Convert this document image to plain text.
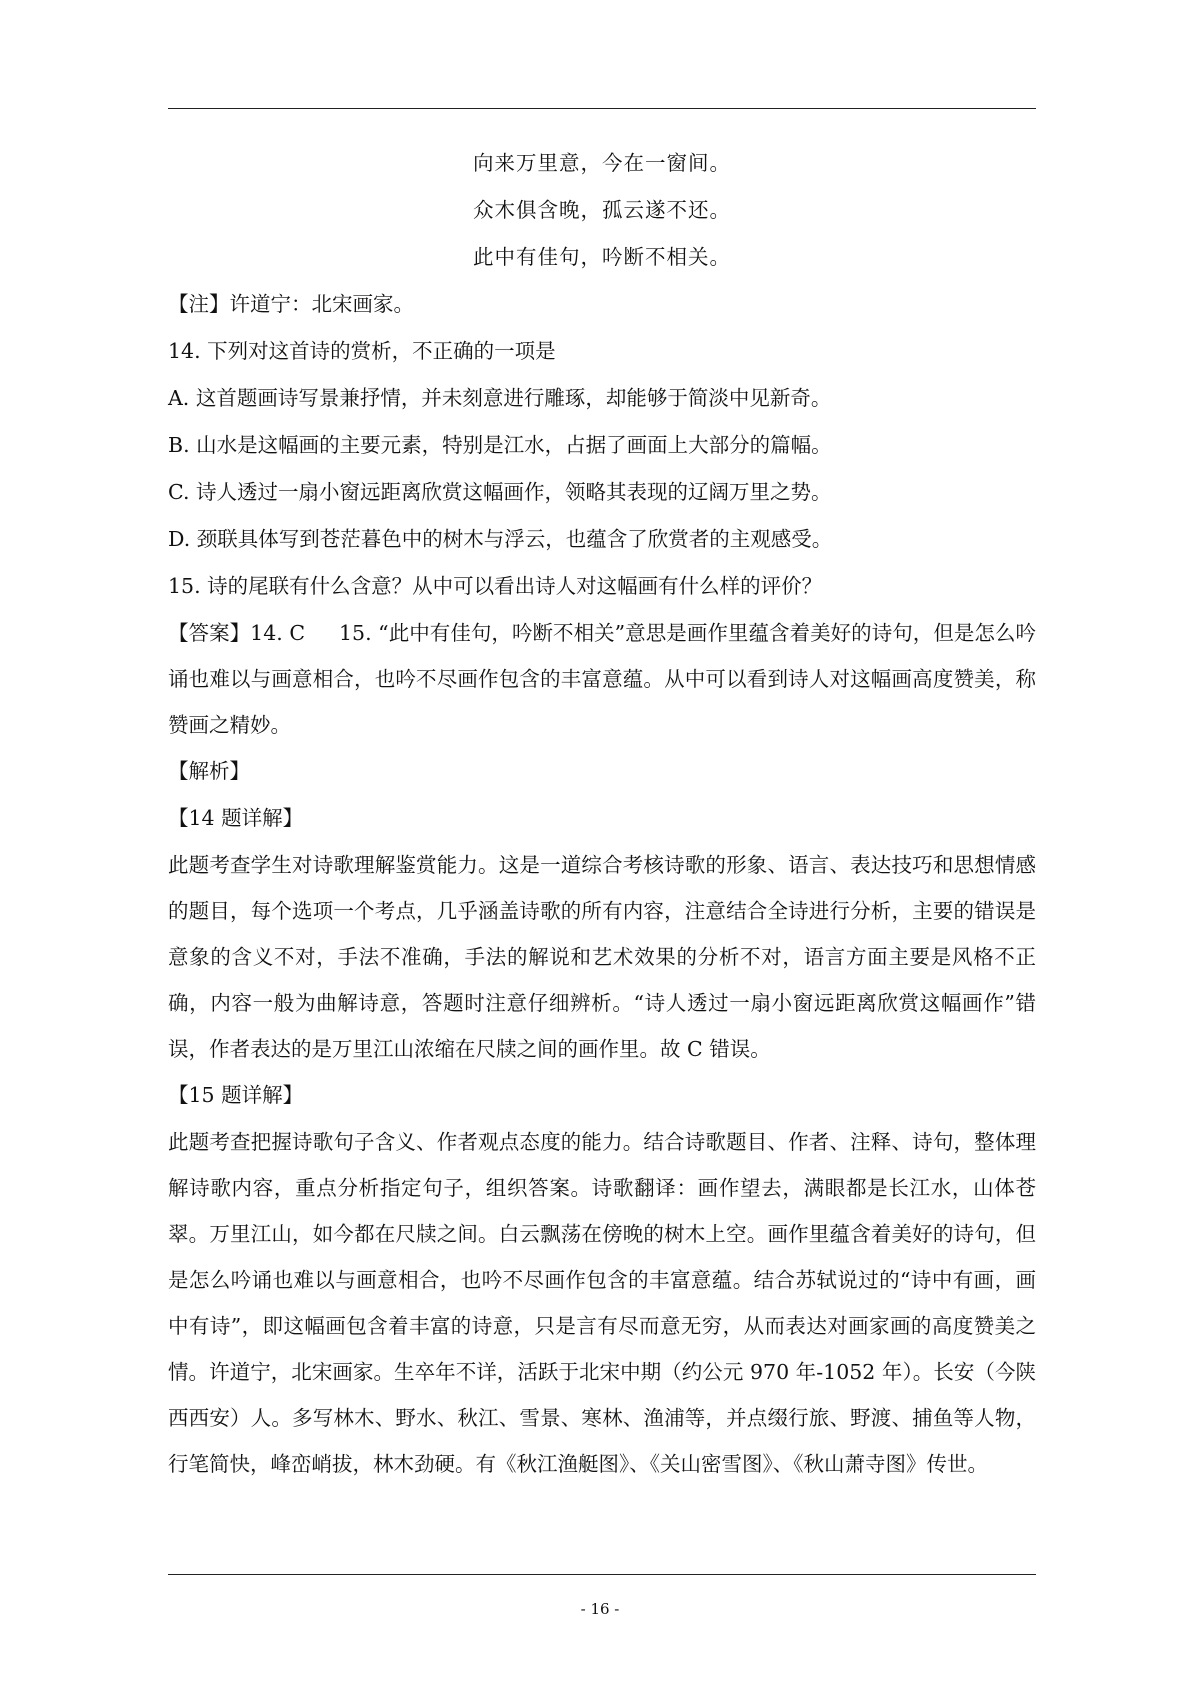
向来万里意，今在一窗间。
众木俱含晚，孤云遂不还。
此中有佳句，吟断不相关。

【注】许道宁：北宋画家。

14. 下列对这首诗的赏析，不正确的一项是

A. 这首题画诗写景兼抒情，并未刻意进行雕琢，却能够于简淡中见新奇。

B. 山水是这幅画的主要元素，特别是江水，占据了画面上大部分的篇幅。

C. 诗人透过一扇小窗远距离欣赏这幅画作，领略其表现的辽阔万里之势。

D. 颈联具体写到苍茫暮色中的树木与浮云，也蕴含了欣赏者的主观感受。

15. 诗的尾联有什么含意？从中可以看出诗人对这幅画有什么样的评价？

【答案】14. C 15. “此中有佳句，吟断不相关”意思是画作里蕴含着美好的诗句，但是怎么吟诵也难以与画意相合，也吟不尽画作包含的丰富意蕴。从中可以看到诗人对这幅画高度赞美，称赞画之精妙。

【解析】

【14 题详解】

此题考查学生对诗歌理解鉴赏能力。这是一道综合考核诗歌的形象、语言、表达技巧和思想情感的题目，每个选项一个考点，几乎涵盖诗歌的所有内容，注意结合全诗进行分析，主要的错误是意象的含义不对，手法不准确，手法的解说和艺术效果的分析不对，语言方面主要是风格不正确，内容一般为曲解诗意，答题时注意仔细辨析。“诗人透过一扇小窗远距离欣赏这幅画作”错误，作者表达的是万里江山浓缩在尺牍之间的画作里。故 C 错误。

【15 题详解】

此题考查把握诗歌句子含义、作者观点态度的能力。结合诗歌题目、作者、注释、诗句，整体理解诗歌内容，重点分析指定句子，组织答案。诗歌翻译：画作望去，满眼都是长江水，山体苍翠。万里江山，如今都在尺牍之间。白云飘荡在傍晚的树木上空。画作里蕴含着美好的诗句，但是怎么吟诵也难以与画意相合，也吟不尽画作包含的丰富意蕴。结合苏轼说过的“诗中有画，画中有诗”，即这幅画包含着丰富的诗意，只是言有尽而意无穷，从而表达对画家画的高度赞美之情。许道宁，北宋画家。生卒年不详，活跃于北宋中期（约公元 970 年-1052 年）。长安（今陕西西安）人。多写林木、野水、秋江、雪景、寒林、渔浦等，并点缀行旅、野渡、捕鱼等人物，行笔简快，峰峦峭拔，林木劲硬。有《秋江渔艇图》、《关山密雪图》、《秋山萧寺图》传世。

- 16 -
